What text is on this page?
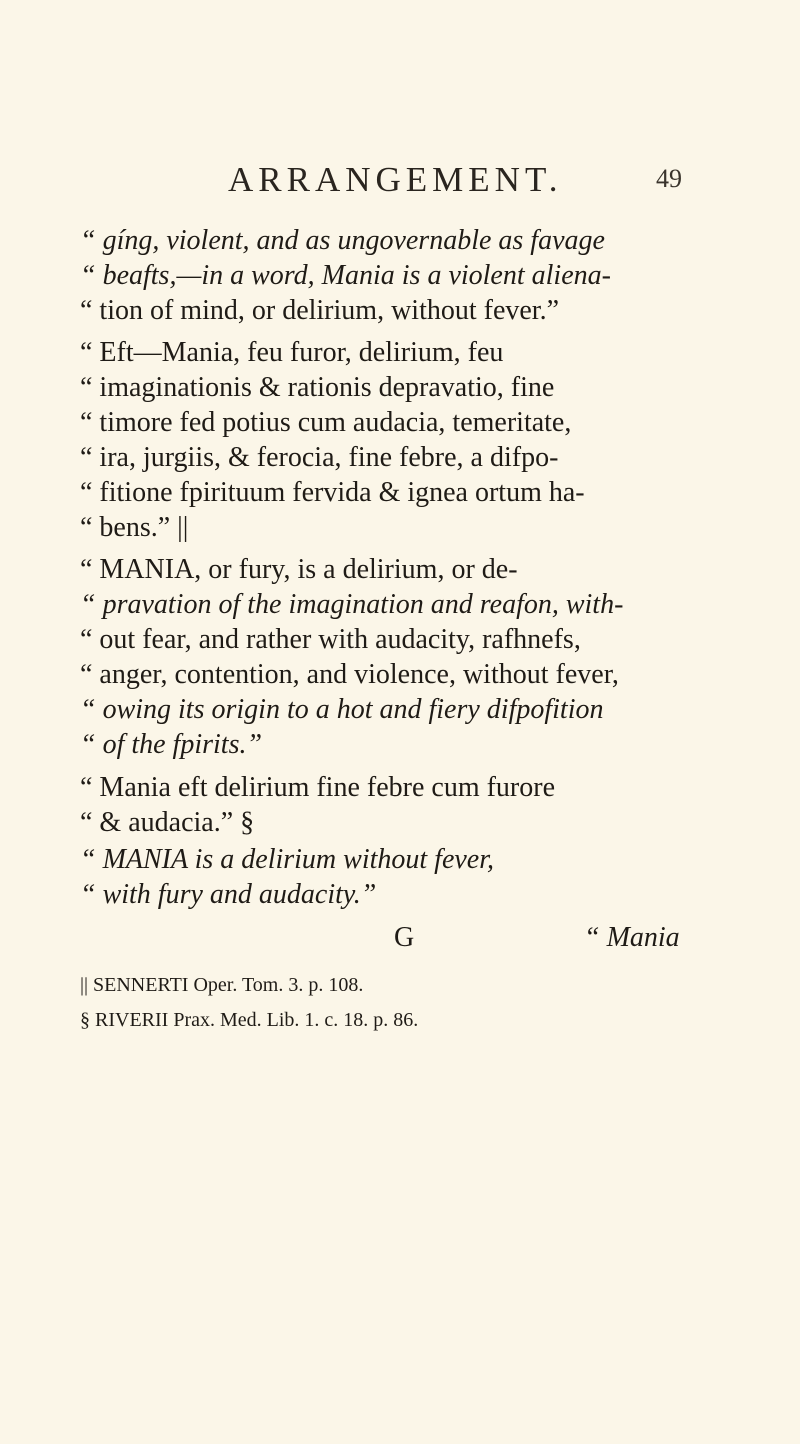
ARRANGEMENT.	49
“ gíng, violent, and as ungovernable as favage
“ beafts,—in a word, Mania is a violent aliena-
“ tion of mind, or delirium, without fever.”
“ Eft—Mania, feu furor, delirium, feu
“ imaginationis & rationis depravatio, fine
“ timore fed potius cum audacia, temeritate,
“ ira, jurgiis, & ferocia, fine febre, a difpo-
“ fitione fpirituum fervida & ignea ortum ha-
“ bens.” ||
“ MANIA, or fury, is a delirium, or de-
“ pravation of the imagination and reafon, with-
“ out fear, and rather with audacity, rafhnefs,
“ anger, contention, and violence, without fever,
“ owing its origin to a hot and fiery difpofition
“ of the fpirits.”
“ Mania eft delirium fine febre cum furore
“ & audacia.” §
“ MANIA is a delirium without fever,
“ with fury and audacity.”
G	“ Mania
|| SENNERTI Oper. Tom. 3. p. 108.
§ RIVERII Prax. Med. Lib. 1. c. 18. p. 86.
